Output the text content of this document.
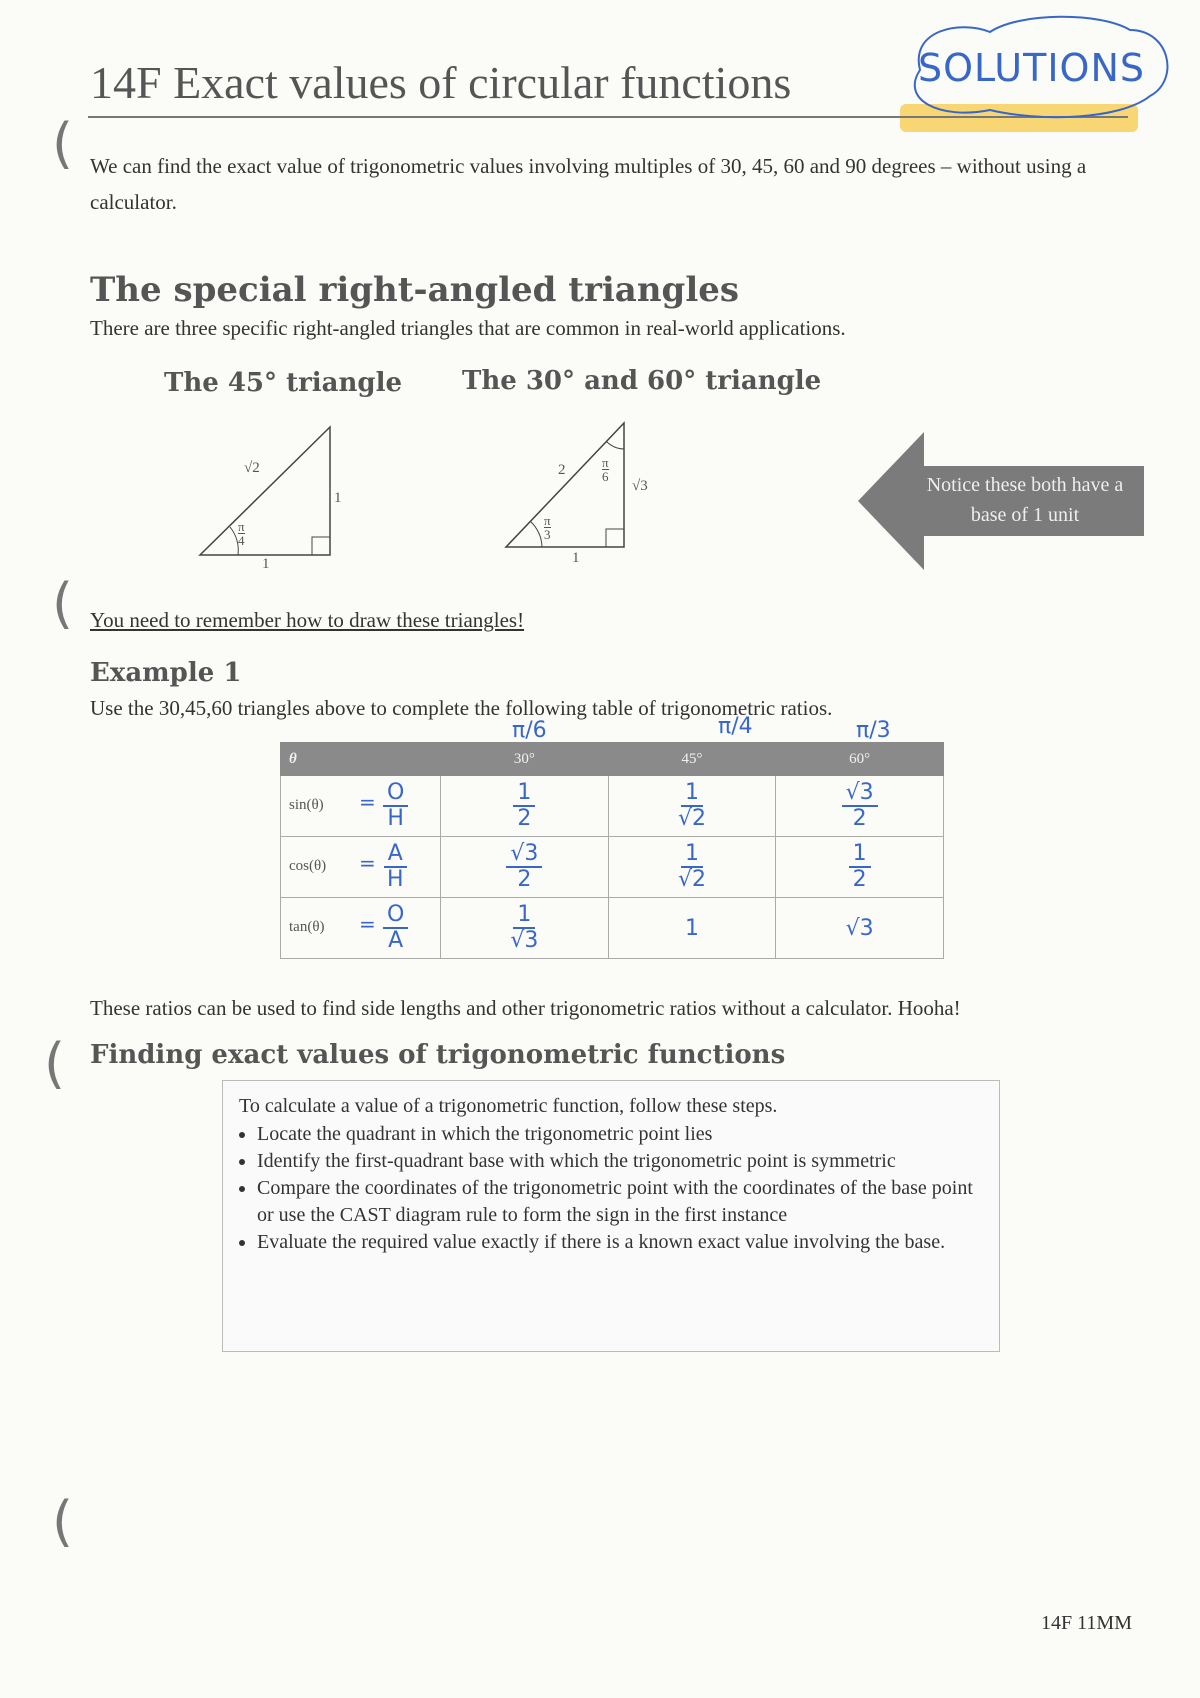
14F Exact values of circular functions	SOLUTIONS
(
(
(
(
We can find the exact value of trigonometric values involving multiples of 30, 45, 60 and 90 degrees – without using a calculator.
The special right-angled triangles
There are three specific right-angled triangles that are common in real-world applications.
The 45° triangle The 30° and 60° triangle
√2
1
1
$\frac{\pi}{4}$
2
√3
1
$\frac{\pi}{6}$
$\frac{\pi}{3}$
Notice these both have a base of 1 unit
You need to remember how to draw these triangles!
Example 1
Use the 30,45,60 triangles above to complete the following table of trigonometric ratios.
π/6	π/4	π/3
θ	30°	45°	60°
$\sin(\theta) = \frac{O}{H}$	$\frac{1}{2}$	$\frac{1}{√2}$	$\frac{√3}{2}$

$\cos(\theta) = \frac{A}{H}$	$\frac{√3}{2}$	$\frac{1}{√2}$	$\frac{1}{2}$

$\tan(\theta) = \frac{O}{A}$	$\frac{1}{√3}$	1	√3
These ratios can be used to find side lengths and other trigonometric ratios without a calculator. Hooha!
Finding exact values of trigonometric functions
To calculate a value of a trigonometric function, follow these steps.
• Locate the quadrant in which the trigonometric point lies
• Identify the first-quadrant base with which the trigonometric point is symmetric
• Compare the coordinates of the trigonometric point with the coordinates of the base point or use the CAST diagram rule to form the sign in the first instance
• Evaluate the required value exactly if there is a known exact value involving the base.
14F 11MM
